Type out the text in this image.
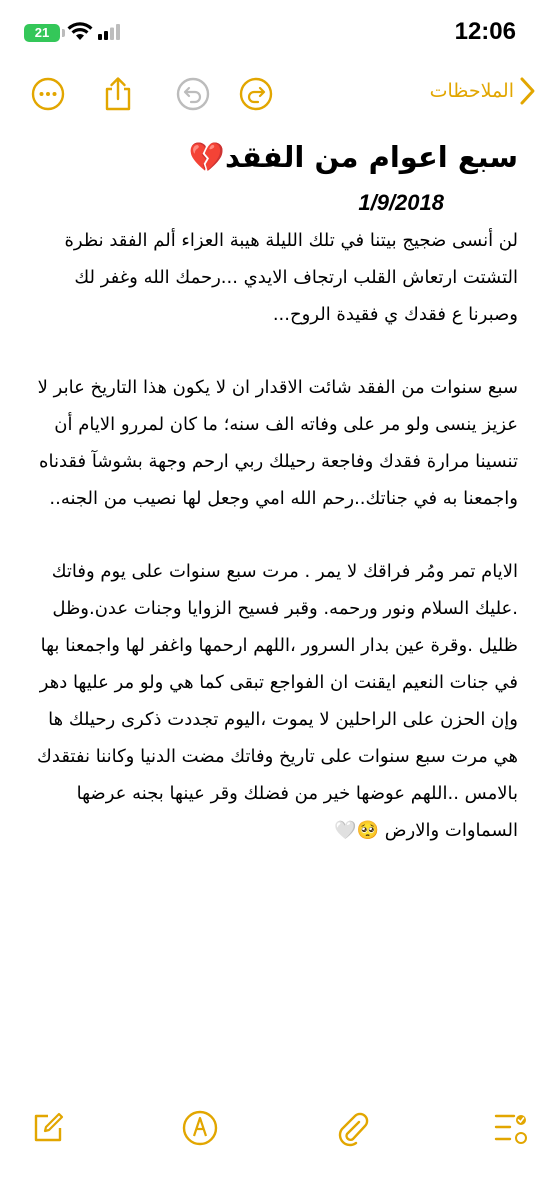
21	12:06
الملاحظات
سبع اعوام من الفقد💔
1/9/2018

لن أنسى ضجيج بيتنا في تلك الليلة هيبة العزاء ألم الفقد نظرة التشتت ارتعاش القلب ارتجاف الايدي ...رحمك الله وغفر لك وصبرنا ع فقدك ي فقيدة الروح...

سبع سنوات من الفقد شائت الاقدار ان لا يكون هذا التاريخ عابر لا عزيز ينسى ولو مر على وفاته الف سنه؛ ما كان لمررو الايام أن تنسينا مرارة فقدك وفاجعة رحيلك ربي ارحم وجهة بشوشآ فقدناه واجمعنا به في جناتك..رحم الله امي وجعل لها نصيب من الجنه..

الايام تمر ومُر فراقك لا يمر . مرت سبع سنوات على يوم وفاتك .عليك السلام ونور ورحمه. وقبر فسيح الزوايا وجنات عدن.وظل ظليل .وقرة عين بدار السرور ،اللهم ارحمها واغفر لها واجمعنا بها في جنات النعيم ايقنت ان الفواجع تبقى كما هي ولو مر عليها دهر وإن الحزن على الراحلين لا يموت ،اليوم تجددت ذكرى رحيلك ها هي مرت سبع سنوات على تاريخ وفاتك مضت الدنيا وكاننا نفتقدك بالامس ..اللهم عوضها خير من فضلك وقر عينها بجنه عرضها السماوات والارض 🥺🤍
